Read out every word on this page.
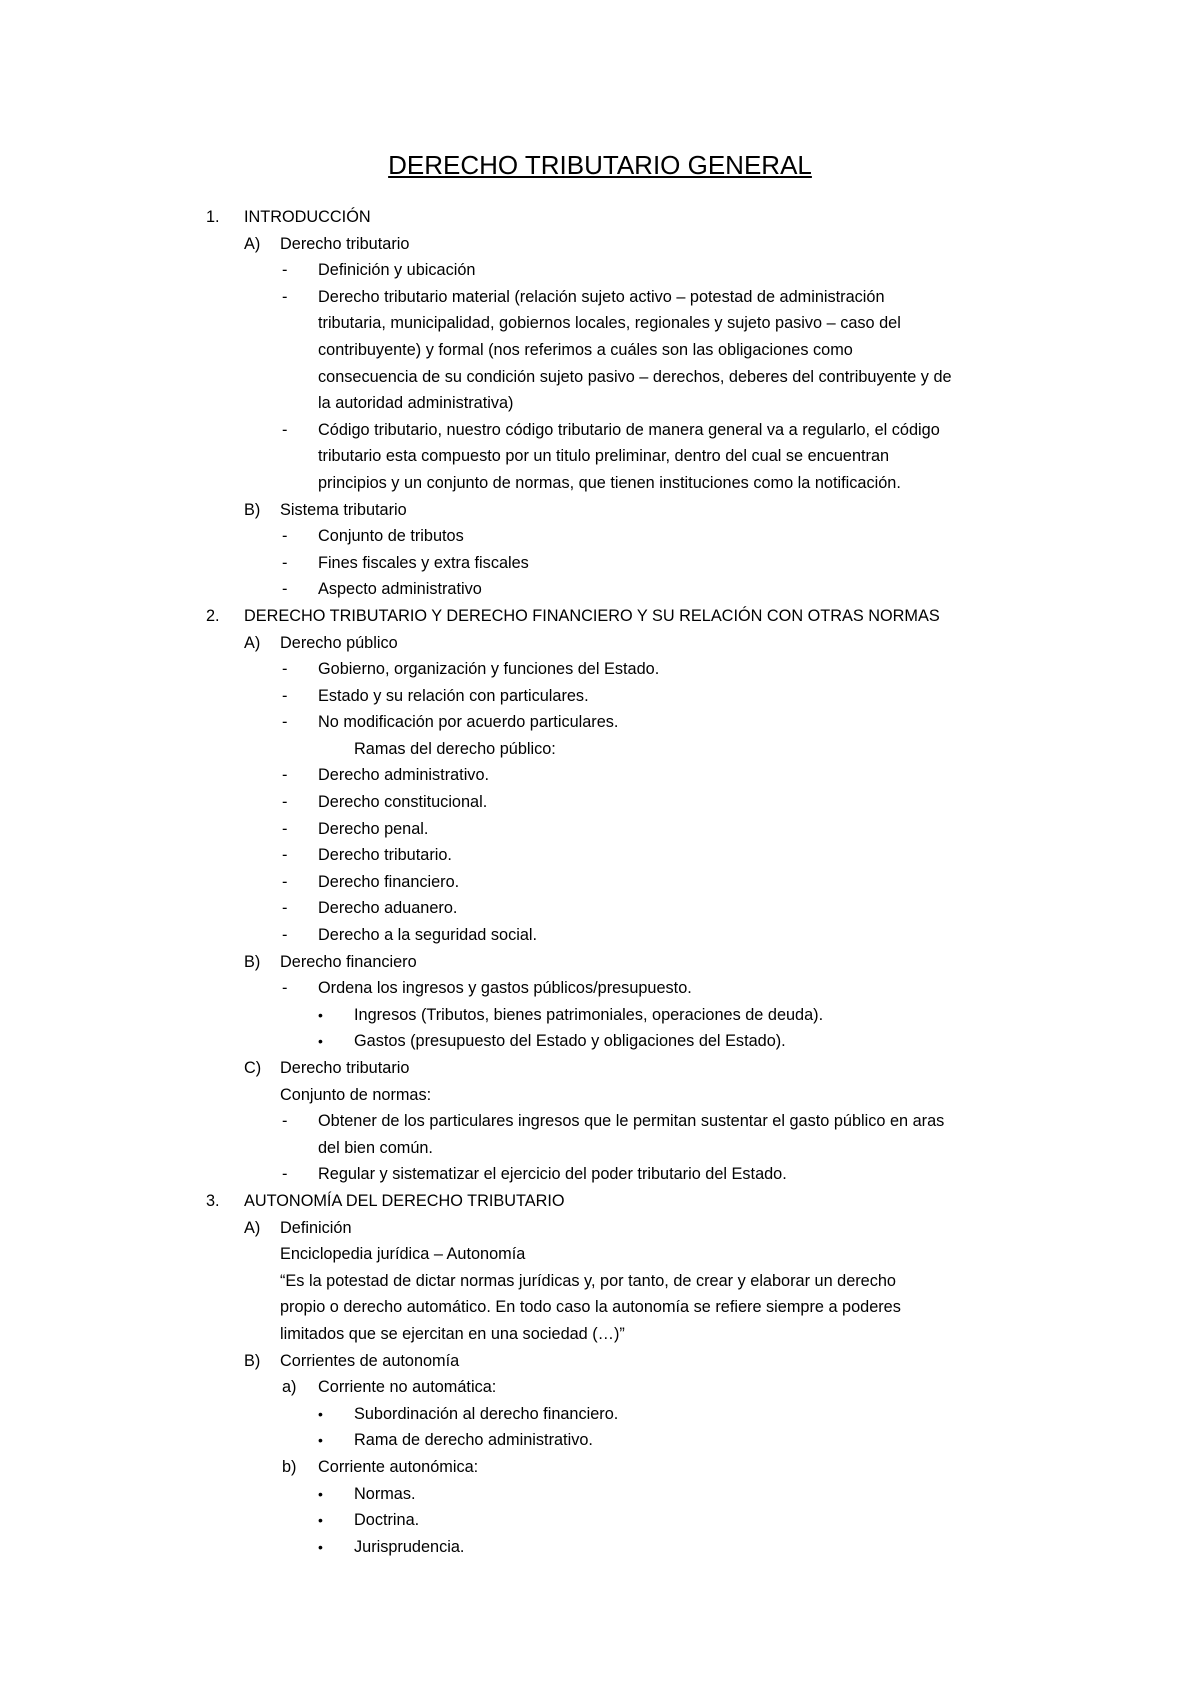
DERECHO TRIBUTARIO GENERAL
1. INTRODUCCIÓN
A) Derecho tributario
- Definición y ubicación
- Derecho tributario material (relación sujeto activo – potestad de administración
tributaria, municipalidad, gobiernos locales, regionales y sujeto pasivo – caso del
contribuyente) y formal (nos referimos a cuáles son las obligaciones como
consecuencia de su condición sujeto pasivo – derechos, deberes del contribuyente y de
la autoridad administrativa)
- Código tributario, nuestro código tributario de manera general va a regularlo, el código
tributario esta compuesto por un titulo preliminar, dentro del cual se encuentran
principios y un conjunto de normas, que tienen instituciones como la notificación.
B) Sistema tributario
- Conjunto de tributos
- Fines fiscales y extra fiscales
- Aspecto administrativo
2. DERECHO TRIBUTARIO Y DERECHO FINANCIERO Y SU RELACIÓN CON OTRAS NORMAS
A) Derecho público
- Gobierno, organización y funciones del Estado.
- Estado y su relación con particulares.
- No modificación por acuerdo particulares.
Ramas del derecho público:
- Derecho administrativo.
- Derecho constitucional.
- Derecho penal.
- Derecho tributario.
- Derecho financiero.
- Derecho aduanero.
- Derecho a la seguridad social.
B) Derecho financiero
- Ordena los ingresos y gastos públicos/presupuesto.
• Ingresos (Tributos, bienes patrimoniales, operaciones de deuda).
• Gastos (presupuesto del Estado y obligaciones del Estado).
C) Derecho tributario
Conjunto de normas:
- Obtener de los particulares ingresos que le permitan sustentar el gasto público en aras
del bien común.
- Regular y sistematizar el ejercicio del poder tributario del Estado.
3. AUTONOMÍA DEL DERECHO TRIBUTARIO
A) Definición
Enciclopedia jurídica – Autonomía
“Es la potestad de dictar normas jurídicas y, por tanto, de crear y elaborar un derecho
propio o derecho automático. En todo caso la autonomía se refiere siempre a poderes
limitados que se ejercitan en una sociedad (…)”
B) Corrientes de autonomía
a) Corriente no automática:
• Subordinación al derecho financiero.
• Rama de derecho administrativo.
b) Corriente autonómica:
• Normas.
• Doctrina.
• Jurisprudencia.
